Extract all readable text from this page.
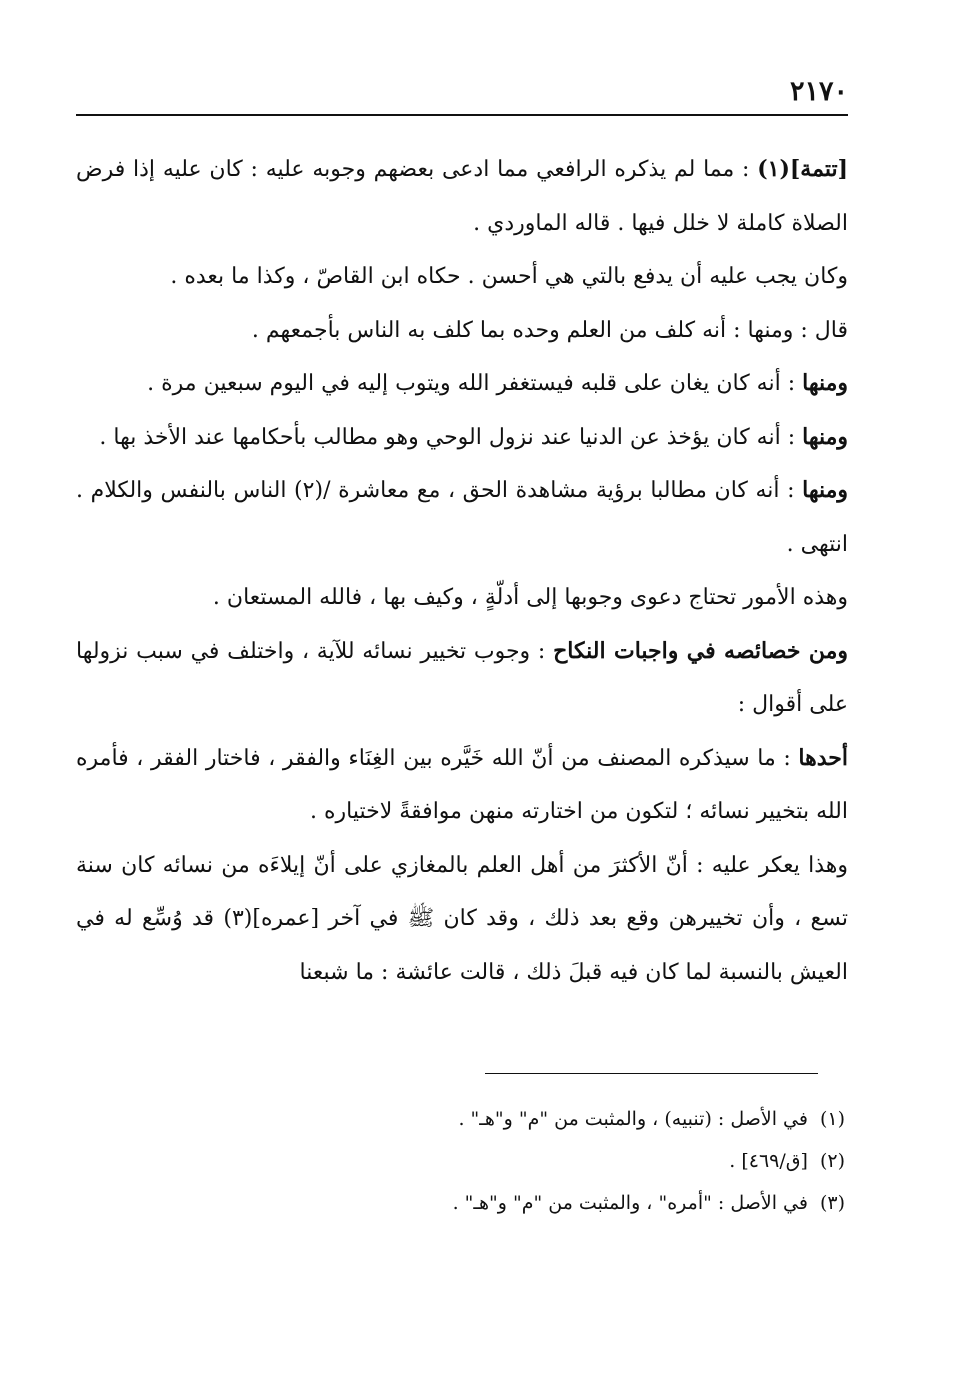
٢١٧٠

[تتمة](١) : مما لم يذكره الرافعي مما ادعى بعضهم وجوبه عليه : كان عليه إذا فرض الصلاة كاملة لا خلل فيها . قاله الماوردي .

وكان يجب عليه أن يدفع بالتي هي أحسن . حكاه ابن القاصّ ، وكذا ما بعده .

قال : ومنها : أنه كلف من العلم وحده بما كلف به الناس بأجمعهم .

ومنها : أنه كان يغان على قلبه فيستغفر الله ويتوب إليه في اليوم سبعين مرة .

ومنها : أنه كان يؤخذ عن الدنيا عند نزول الوحي وهو مطالب بأحكامها عند الأخذ بها .

ومنها : أنه كان مطالبا برؤية مشاهدة الحق ، مع معاشرة /(٢) الناس بالنفس والكلام . انتهى .

وهذه الأمور تحتاج دعوى وجوبها إلى أدلّةٍ ، وكيف بها ، فالله المستعان .

ومن خصائصه في واجبات النكاح : وجوب تخيير نسائه للآية ، واختلف في سبب نزولها على أقوال :

أحدها : ما سيذكره المصنف من أنّ الله خَيَّره بين الغِنَاء والفقر ، فاختار الفقر ، فأمره الله بتخيير نسائه ؛ لتكون من اختارته منهن موافقةً لاختياره .

وهذا يعكر عليه : أنّ الأكثرَ من أهل العلم بالمغازي على أنّ إيلاءَه من نسائه كان سنة تسع ، وأن تخييرهن وقع بعد ذلك ، وقد كان ﷺ في آخر [عمره](٣) قد وُسِّع له في العيش بالنسبة لما كان فيه قبلَ ذلك ، قالت عائشة : ما شبعنا

(١)في الأصل : (تنبيه) ، والمثبت من "م" و"هـ" .

(٢)[ق/٤٦٩] .

(٣)في الأصل : "أمره" ، والمثبت من "م" و"هـ" .
